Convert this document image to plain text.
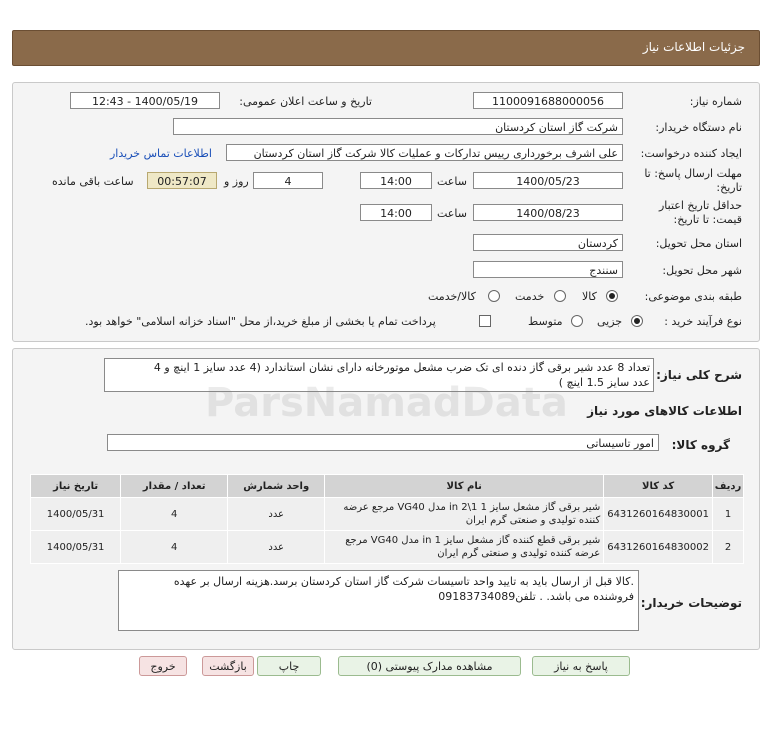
جزئیات اطلاعات نیاز
شماره نیاز:
1100091688000056
تاریخ و ساعت اعلان عمومی:
1400/05/19 - 12:43
نام دستگاه خریدار:
شرکت گاز استان کردستان
ایجاد کننده درخواست:
علی اشرف برخورداری رییس تدارکات و عملیات کالا شرکت گاز استان کردستان
اطلاعات تماس خریدار
مهلت ارسال پاسخ: تا تاریخ:
1400/05/23
ساعت
14:00
4
روز و
00:57:07
ساعت باقی مانده
حداقل تاریخ اعتبار قیمت: تا تاریخ:
1400/08/23
ساعت
14:00
استان محل تحویل:
کردستان
شهر محل تحویل:
سنندج
طبقه بندی موضوعی:
کالا
خدمت
کالا/خدمت
نوع فرآیند خرید :
جزیی
متوسط
پرداخت تمام یا بخشی از مبلغ خرید،از محل "اسناد خزانه اسلامی" خواهد بود.
شرح کلی نیاز:
تعداد 8 عدد شیر برقی گاز دنده ای تک ضرب مشعل موتورخانه دارای نشان استاندارد (4 عدد سایز 1 اینچ و 4
عدد سایز 1.5 اینچ )
اطلاعات کالاهای مورد نیاز
گروه کالا:
امور تاسیساتی
ردیف	کد کالا	نام کالا	واحد شمارش	تعداد / مقدار	تاریخ نیاز
1	6431260164830001	شیر برقی گاز مشعل سایز in 2\1 1 مدل VG40 مرجع عرضه
کننده تولیدی و صنعتی گرم ایران	عدد	4	1400/05/31
2	6431260164830002	شیر برقی قطع کننده گاز مشعل سایز in 1 مدل VG40 مرجع
عرضه کننده تولیدی و صنعتی گرم ایران	عدد	4	1400/05/31
توضیحات خریدار:
.کالا قبل از ارسال باید به تایید واحد تاسیسات شرکت گاز استان کردستان برسد.هزینه ارسال بر عهده
فروشنده می باشد. . تلفن09183734089
پاسخ به نیاز
مشاهده مدارک پیوستی (0)
چاپ
بازگشت
خروج
